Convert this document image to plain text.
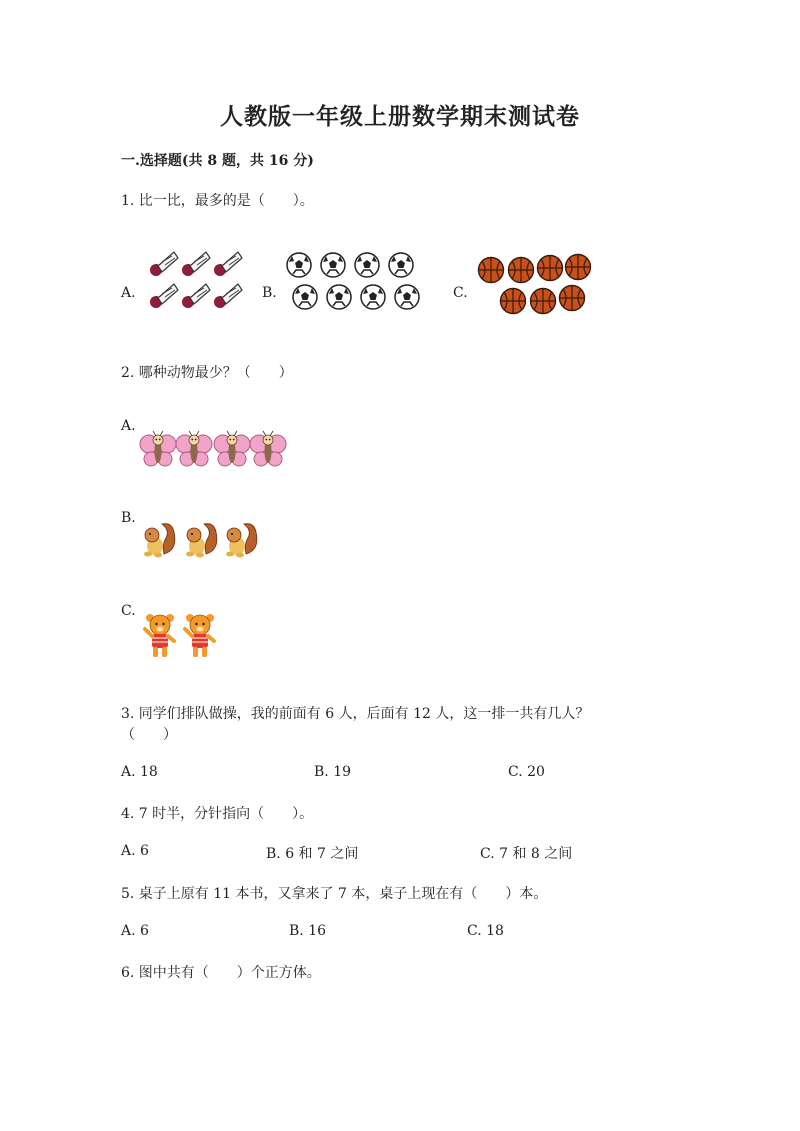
人教版一年级上册数学期末测试卷
一.选择题(共 8 题，共 16 分)
1. 比一比，最多的是（　　）。
A.	B.	C.
2. 哪种动物最少？（　　）
A.
B.
C.
3. 同学们排队做操，我的前面有 6 人，后面有 12 人，这一排一共有几人？
（　　）
A. 18	B. 19	C. 20
4. 7 时半，分针指向（　　）。
A. 6	B. 6 和 7 之间	C. 7 和 8 之间
5. 桌子上原有 11 本书，又拿来了 7 本，桌子上现在有（　　）本。
A. 6	B. 16	C. 18
6. 图中共有（　　）个正方体。
